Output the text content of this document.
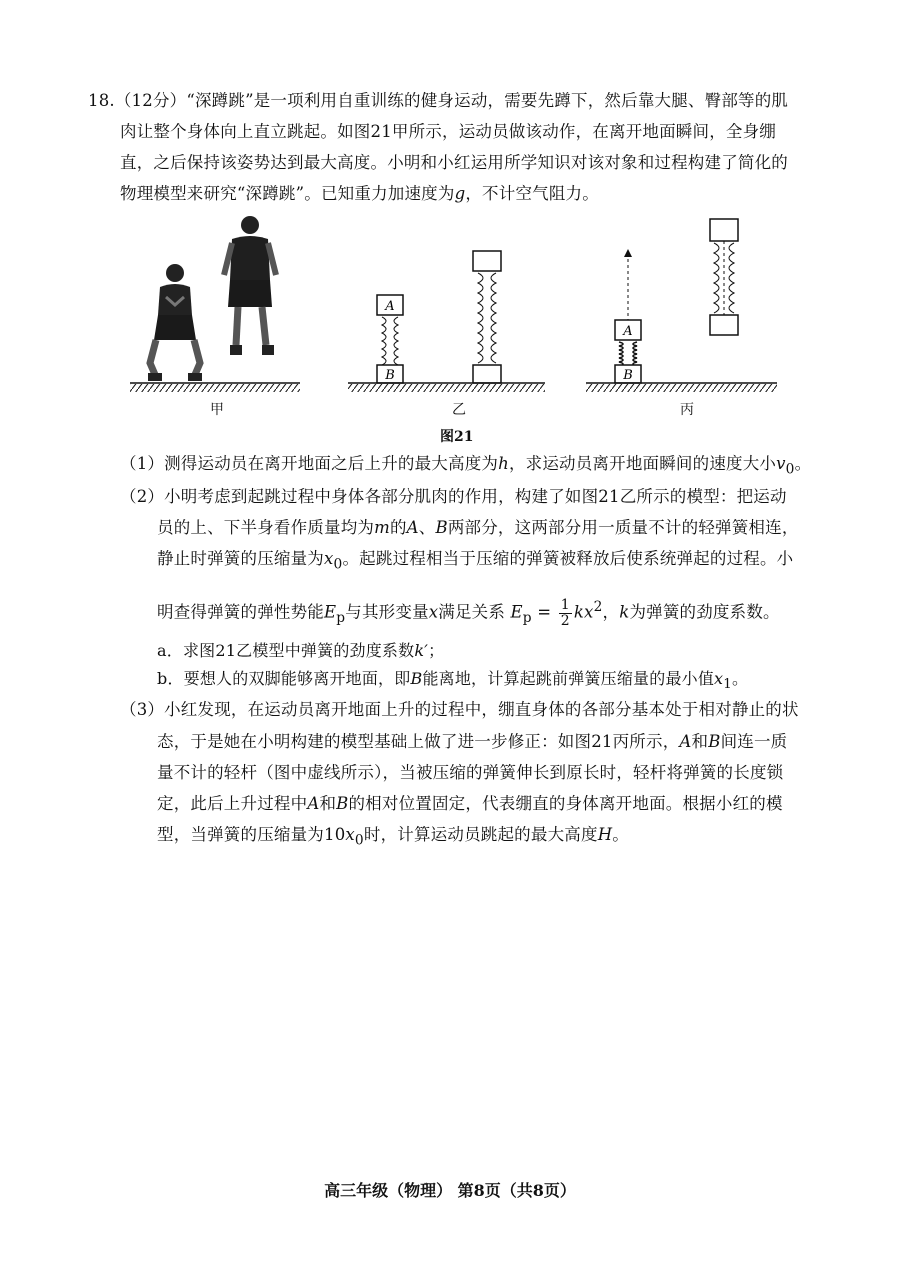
18.（12分）“深蹲跳”是一项利用自重训练的健身运动，需要先蹲下，然后靠大腿、臀部等的肌
肉让整个身体向上直立跳起。如图21甲所示，运动员做该动作，在离开地面瞬间，全身绷
直，之后保持该姿势达到最大高度。小明和小红运用所学知识对该对象和过程构建了简化的
物理模型来研究“深蹲跳”。已知重力加速度为g，不计空气阻力。
A
B
A
B
甲	乙	丙
图21
（1）测得运动员在离开地面之后上升的最大高度为h，求运动员离开地面瞬间的速度大小$v_0$。
（2）小明考虑到起跳过程中身体各部分肌肉的作用，构建了如图21乙所示的模型：把运动
员的上、下半身看作质量均为m的A、B两部分，这两部分用一质量不计的轻弹簧相连，
静止时弹簧的压缩量为$x_0$。起跳过程相当于压缩的弹簧被释放后使系统弹起的过程。小
明查得弹簧的弹性势能$E_p$与其形变量x满足关系 $E_p = \frac{1}{2} kx^2$，k为弹簧的劲度系数。
a．求图21乙模型中弹簧的劲度系数k′；
b．要想人的双脚能够离开地面，即B能离地，计算起跳前弹簧压缩量的最小值$x_1$。
（3）小红发现，在运动员离开地面上升的过程中，绷直身体的各部分基本处于相对静止的状
态，于是她在小明构建的模型基础上做了进一步修正：如图21丙所示，A和B间连一质
量不计的轻杆（图中虚线所示），当被压缩的弹簧伸长到原长时，轻杆将弹簧的长度锁
定，此后上升过程中A和B的相对位置固定，代表绷直的身体离开地面。根据小红的模
型，当弹簧的压缩量为$10x_0$时，计算运动员跳起的最大高度H。
高三年级（物理） 第8页（共8页）
